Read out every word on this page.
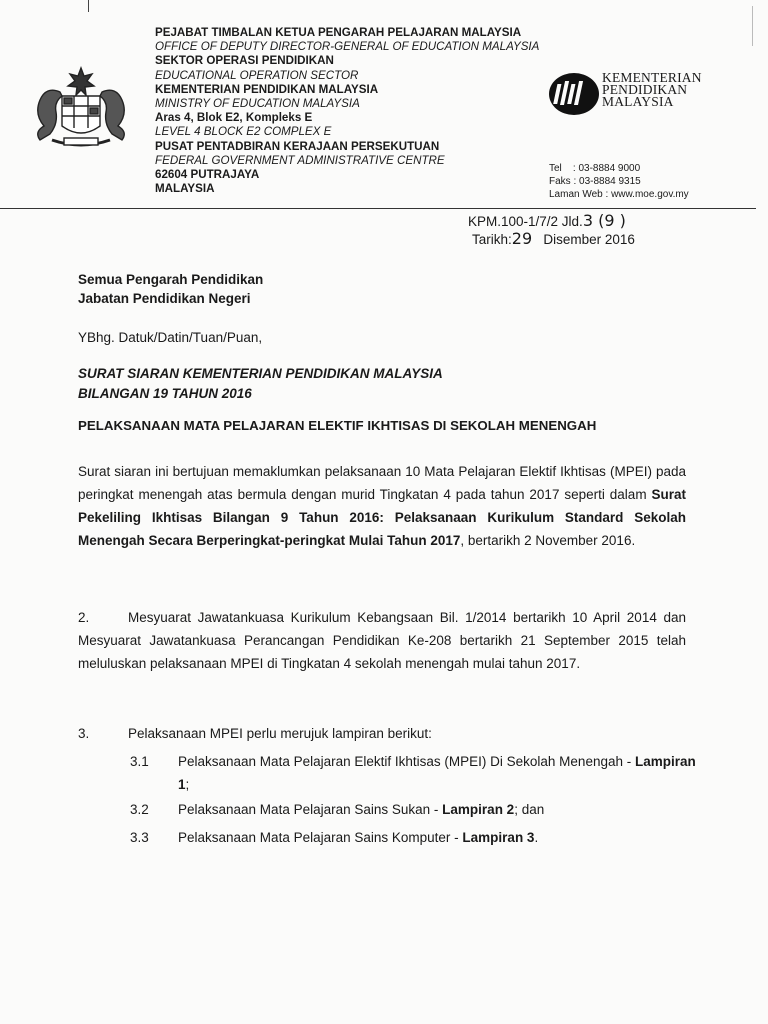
PEJABAT TIMBALAN KETUA PENGARAH PELAJARAN MALAYSIA
OFFICE OF DEPUTY DIRECTOR-GENERAL OF EDUCATION MALAYSIA
SEKTOR OPERASI PENDIDIKAN
EDUCATIONAL OPERATION SECTOR
KEMENTERIAN PENDIDIKAN MALAYSIA
MINISTRY OF EDUCATION MALAYSIA
Aras 4, Blok E2, Kompleks E
LEVEL 4 BLOCK E2 COMPLEX E
PUSAT PENTADBIRAN KERAJAAN PERSEKUTUAN
FEDERAL GOVERNMENT ADMINISTRATIVE CENTRE
62604 PUTRAJAYA
MALAYSIA
KEMENTERIAN
PENDIDIKAN
MALAYSIA
Tel    : 03-8884 9000
Faks : 03-8884 9315
Laman Web : www.moe.gov.my
KPM.100-1/7/2 Jld.3 (9 )
Tarikh:29 Disember 2016
Semua Pengarah Pendidikan
Jabatan Pendidikan Negeri
YBhg. Datuk/Datin/Tuan/Puan,
SURAT SIARAN KEMENTERIAN PENDIDIKAN MALAYSIA
BILANGAN 19 TAHUN 2016
PELAKSANAAN MATA PELAJARAN ELEKTIF IKHTISAS DI SEKOLAH MENENGAH
Surat siaran ini bertujuan memaklumkan pelaksanaan 10 Mata Pelajaran Elektif Ikhtisas (MPEI) pada peringkat menengah atas bermula dengan murid Tingkatan 4 pada tahun 2017 seperti dalam Surat Pekeliling Ikhtisas Bilangan 9 Tahun 2016: Pelaksanaan Kurikulum Standard Sekolah Menengah Secara Berperingkat-peringkat Mulai Tahun 2017, bertarikh 2 November 2016.
2.	Mesyuarat Jawatankuasa Kurikulum Kebangsaan Bil. 1/2014 bertarikh 10 April 2014 dan Mesyuarat Jawatankuasa Perancangan Pendidikan Ke-208 bertarikh 21 September 2015 telah meluluskan pelaksanaan MPEI di Tingkatan 4 sekolah menengah mulai tahun 2017.
3.	Pelaksanaan MPEI perlu merujuk lampiran berikut:
3.1	Pelaksanaan Mata Pelajaran Elektif Ikhtisas (MPEI) Di Sekolah Menengah - Lampiran 1;
3.2	Pelaksanaan Mata Pelajaran Sains Sukan - Lampiran 2; dan
3.3	Pelaksanaan Mata Pelajaran Sains Komputer - Lampiran 3.
